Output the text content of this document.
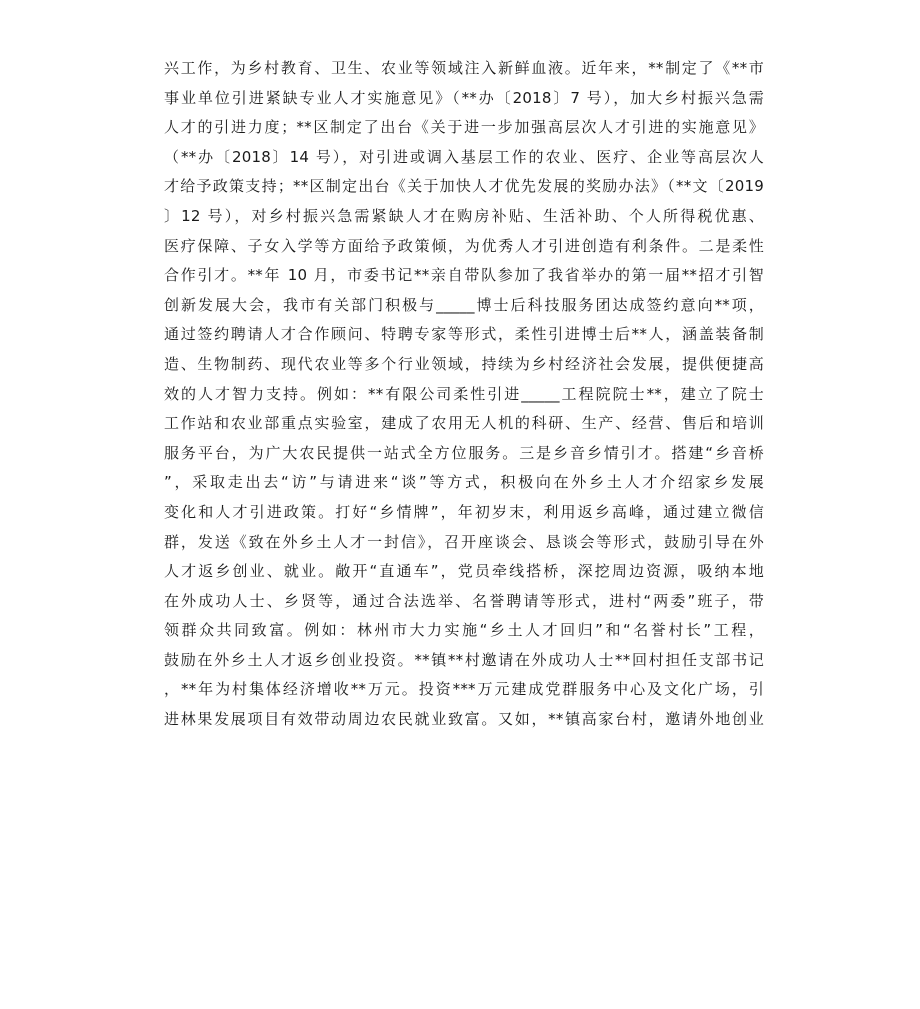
兴工作，为乡村教育、卫生、农业等领域注入新鲜血液。近年来，**制定了《**市
事业单位引进紧缺专业人才实施意见》（**办〔2018〕7 号），加大乡村振兴急需
人才的引进力度；**区制定了出台《关于进一步加强高层次人才引进的实施意见》
（**办〔2018〕14 号），对引进或调入基层工作的农业、医疗、企业等高层次人
才给予政策支持；**区制定出台《关于加快人才优先发展的奖励办法》（**文〔2019
〕12 号），对乡村振兴急需紧缺人才在购房补贴、生活补助、个人所得税优惠、
医疗保障、子女入学等方面给予政策倾，为优秀人才引进创造有利条件。二是柔性
合作引才。**年 10 月，市委书记**亲自带队参加了我省举办的第一届**招才引智
创新发展大会，我市有关部门积极与_____博士后科技服务团达成签约意向**项，
通过签约聘请人才合作顾问、特聘专家等形式，柔性引进博士后**人，涵盖装备制
造、生物制药、现代农业等多个行业领域，持续为乡村经济社会发展，提供便捷高
效的人才智力支持。例如：**有限公司柔性引进_____工程院院士**，建立了院士
工作站和农业部重点实验室，建成了农用无人机的科研、生产、经营、售后和培训
服务平台，为广大农民提供一站式全方位服务。三是乡音乡情引才。搭建“乡音桥
”，采取走出去“访”与请进来“谈”等方式，积极向在外乡土人才介绍家乡发展
变化和人才引进政策。打好“乡情牌”，年初岁末，利用返乡高峰，通过建立微信
群，发送《致在外乡土人才一封信》，召开座谈会、恳谈会等形式，鼓励引导在外
人才返乡创业、就业。敞开“直通车”，党员牵线搭桥，深挖周边资源，吸纳本地
在外成功人士、乡贤等，通过合法选举、名誉聘请等形式，进村“两委”班子，带
领群众共同致富。例如：林州市大力实施“乡土人才回归”和“名誉村长”工程，
鼓励在外乡土人才返乡创业投资。**镇**村邀请在外成功人士**回村担任支部书记
，**年为村集体经济增收**万元。投资***万元建成党群服务中心及文化广场，引
进林果发展项目有效带动周边农民就业致富。又如，**镇高家台村，邀请外地创业
